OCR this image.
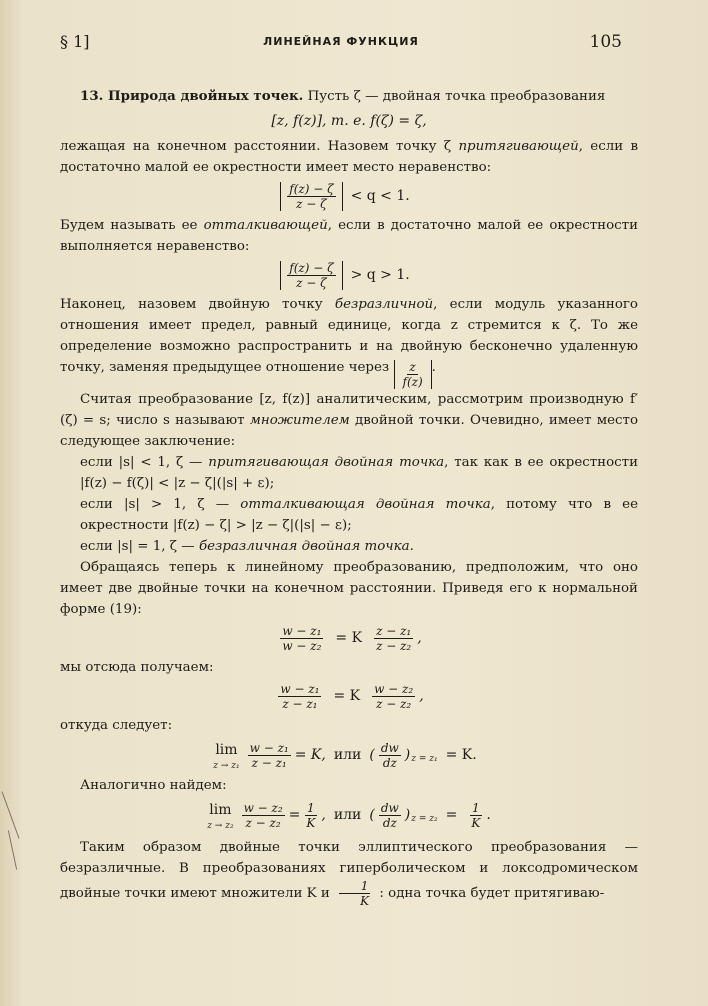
§ 1]	ЛИНЕЙНАЯ ФУНКЦИЯ	105

13. Природа двойных точек. Пусть ζ — двойная точка преобразования

[z, f(z)], т. е. f(ζ) = ζ,

лежащая на конечном расстоянии. Назовем точку ζ притягивающей, если в достаточно малой ее окрестности имеет место неравенство:

$\frac{f(z) - \zeta}{z - \zeta} < q < 1$.

Будем называть ее отталкивающей, если в достаточно малой ее окрестности выполняется неравенство:

$\frac{f(z) - \zeta}{z - \zeta} > q > 1$.

Наконец, назовем двойную точку безразличной, если модуль указанного отношения имеет предел, равный единице, когда z стремится к ζ. То же определение возможно распространить и на двойную бесконечно удаленную точку, заменяя предыдущее отношение через $\frac{z}{f(z)}$ .

Считая преобразование [z, f(z)] аналитическим, рассмотрим производную f′(ζ) = s; число s называют множителем двойной точки. Очевидно, имеет место следующее заключение:

если |s| < 1, ζ — притягивающая двойная точка, так как в ее окрестности |f(z) − f(ζ)| < |z − ζ|(|s| + ε);

если |s| > 1, ζ — отталкивающая двойная точка, потому что в ее окрестности |f(z) − ζ| > |z − ζ|(|s| − ε);

если |s| = 1, ζ — безразличная двойная точка.

Обращаясь теперь к линейному преобразованию, предположим, что оно имеет две двойные точки на конечном расстоянии. Приведя его к нормальной форме (19):

$\frac{\text{w − z₁}}{\text{w − z₂}} = K \frac{\text{z − z₁}}{\text{z − z₂}}$ ,

мы отсюда получаем:

$\frac{\text{w − z₁}}{\text{z − z₁}} = K \frac{\text{w − z₂}}{\text{z − z₂}}$ ,

откуда следует:

lim
$z \to z_1 \frac{\text{w − z₁}}{\text{z − z₁}} = K$, или ( $\frac{dw}{dz} )_{z = z_1} = K$.

Аналогично найдем:

lim
$z \to z_2 \frac{\text{w − z₂}}{\text{z − z₂}} = \frac{1}{K}$ , или ( $\frac{dw}{dz} )_{z = z_2} = \frac{1}{K}$ .

Таким образом двойные точки эллиптического преобразования — безразличные. В преобразованиях гиперболическом и локсодромическом двойные точки имеют множители K и $\frac{1}{K}$ : одна точка будет притягиваю-
